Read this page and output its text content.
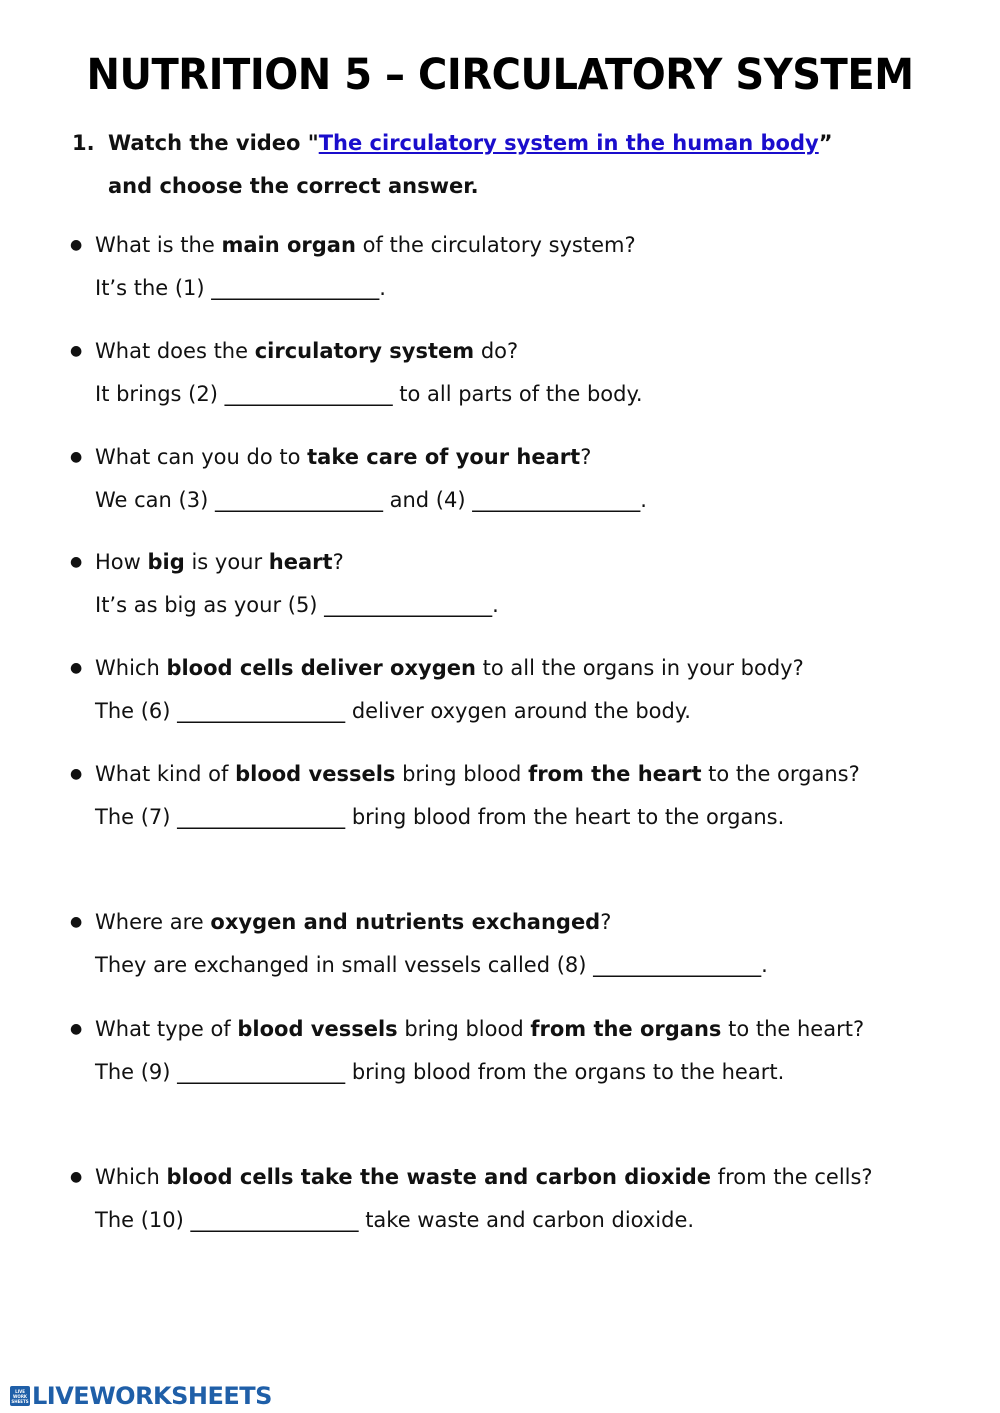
NUTRITION 5 – CIRCULATORY SYSTEM
1. Watch the video "The circulatory system in the human body”
and choose the correct answer.
● What is the main organ of the circulatory system?
It’s the (1) ________________.
● What does the circulatory system do?
It brings (2) ________________ to all parts of the body.
● What can you do to take care of your heart?
We can (3) ________________ and (4) ________________.
● How big is your heart?
It’s as big as your (5) ________________.
● Which blood cells deliver oxygen to all the organs in your body?
The (6) ________________ deliver oxygen around the body.
● What kind of blood vessels bring blood from the heart to the organs?
The (7) ________________ bring blood from the heart to the organs.
● Where are oxygen and nutrients exchanged?
They are exchanged in small vessels called (8) ________________.
● What type of blood vessels bring blood from the organs to the heart?
The (9) ________________ bring blood from the organs to the heart.
● Which blood cells take the waste and carbon dioxide from the cells?
The (10) ________________ take waste and carbon dioxide.
LIVE WORK SHEETS LIVEWORKSHEETS
